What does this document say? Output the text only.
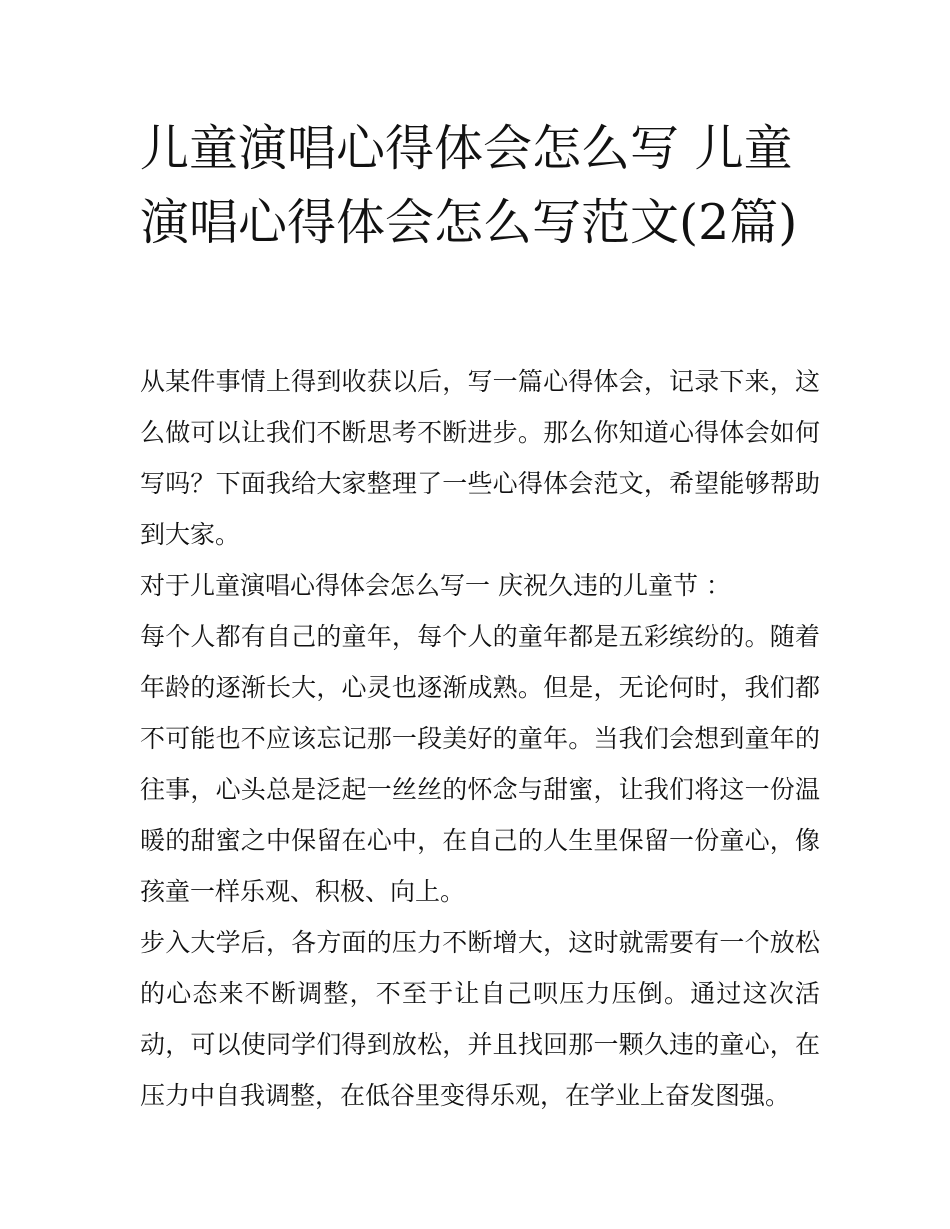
儿童演唱心得体会怎么写 儿童演唱心得体会怎么写范文(2篇)

从某件事情上得到收获以后，写一篇心得体会，记录下来，这么做可以让我们不断思考不断进步。那么你知道心得体会如何写吗？下面我给大家整理了一些心得体会范文，希望能够帮助到大家。

对于儿童演唱心得体会怎么写一 庆祝久违的儿童节 ：

每个人都有自己的童年，每个人的童年都是五彩缤纷的。随着年龄的逐渐长大，心灵也逐渐成熟。但是，无论何时，我们都不可能也不应该忘记那一段美好的童年。当我们会想到童年的往事，心头总是泛起一丝丝的怀念与甜蜜，让我们将这一份温暖的甜蜜之中保留在心中，在自己的人生里保留一份童心，像孩童一样乐观、积极、向上。

步入大学后，各方面的压力不断增大，这时就需要有一个放松的心态来不断调整，不至于让自己呗压力压倒。通过这次活动，可以使同学们得到放松，并且找回那一颗久违的童心，在压力中自我调整，在低谷里变得乐观，在学业上奋发图强。
